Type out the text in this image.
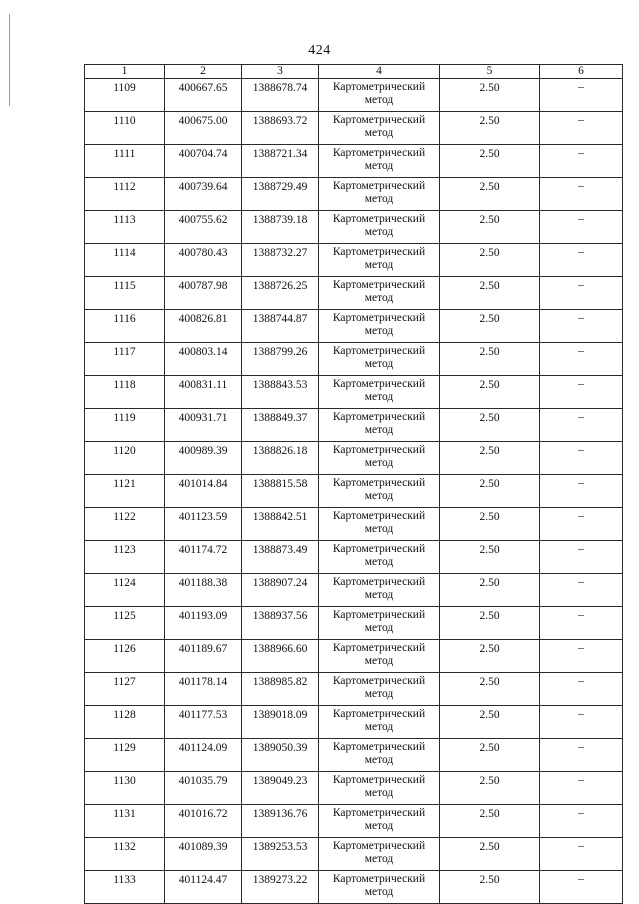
424
1	2	3	4	5	6
1109	400667.65	1388678.74	Картометрический метод	2.50	–
1110	400675.00	1388693.72	Картометрический метод	2.50	–
1111	400704.74	1388721.34	Картометрический метод	2.50	–
1112	400739.64	1388729.49	Картометрический метод	2.50	–
1113	400755.62	1388739.18	Картометрический метод	2.50	–
1114	400780.43	1388732.27	Картометрический метод	2.50	–
1115	400787.98	1388726.25	Картометрический метод	2.50	–
1116	400826.81	1388744.87	Картометрический метод	2.50	–
1117	400803.14	1388799.26	Картометрический метод	2.50	–
1118	400831.11	1388843.53	Картометрический метод	2.50	–
1119	400931.71	1388849.37	Картометрический метод	2.50	–
1120	400989.39	1388826.18	Картометрический метод	2.50	–
1121	401014.84	1388815.58	Картометрический метод	2.50	–
1122	401123.59	1388842.51	Картометрический метод	2.50	–
1123	401174.72	1388873.49	Картометрический метод	2.50	–
1124	401188.38	1388907.24	Картометрический метод	2.50	–
1125	401193.09	1388937.56	Картометрический метод	2.50	–
1126	401189.67	1388966.60	Картометрический метод	2.50	–
1127	401178.14	1388985.82	Картометрический метод	2.50	–
1128	401177.53	1389018.09	Картометрический метод	2.50	–
1129	401124.09	1389050.39	Картометрический метод	2.50	–
1130	401035.79	1389049.23	Картометрический метод	2.50	–
1131	401016.72	1389136.76	Картометрический метод	2.50	–
1132	401089.39	1389253.53	Картометрический метод	2.50	–
1133	401124.47	1389273.22	Картометрический метод	2.50	–
